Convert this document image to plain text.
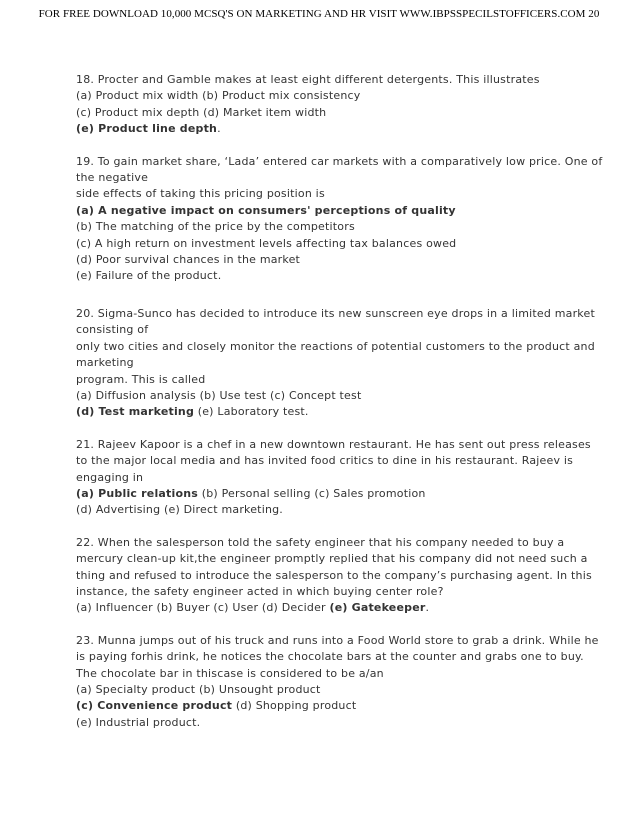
FOR FREE DOWNLOAD 10,000 MCSQ'S ON MARKETING AND HR VISIT WWW.IBPSSPECILSTOFFICERS.COM 20
18. Procter and Gamble makes at least eight different detergents. This illustrates
(a) Product mix width (b) Product mix consistency
(c) Product mix depth (d) Market item width
(e) Product line depth.
19. To gain market share, ‘Lada’ entered car markets with a comparatively low price. One of
the negative
side effects of taking this pricing position is
(a) A negative impact on consumers' perceptions of quality
(b) The matching of the price by the competitors
(c) A high return on investment levels affecting tax balances owed
(d) Poor survival chances in the market
(e) Failure of the product.
20. Sigma-Sunco has decided to introduce its new sunscreen eye drops in a limited market
consisting of
only two cities and closely monitor the reactions of potential customers to the product and
marketing
program. This is called
(a) Diffusion analysis (b) Use test (c) Concept test
(d) Test marketing (e) Laboratory test.
21. Rajeev Kapoor is a chef in a new downtown restaurant. He has sent out press releases
to the major local media and has invited food critics to dine in his restaurant. Rajeev is
engaging in
(a) Public relations (b) Personal selling (c) Sales promotion
(d) Advertising (e) Direct marketing.
22. When the salesperson told the safety engineer that his company needed to buy a
mercury clean-up kit,the engineer promptly replied that his company did not need such a
thing and refused to introduce the salesperson to the company’s purchasing agent. In this
instance, the safety engineer acted in which buying center role?
(a) Influencer (b) Buyer (c) User (d) Decider (e) Gatekeeper.
23. Munna jumps out of his truck and runs into a Food World store to grab a drink. While he
is paying forhis drink, he notices the chocolate bars at the counter and grabs one to buy.
The chocolate bar in thiscase is considered to be a/an
(a) Specialty product (b) Unsought product
(c) Convenience product (d) Shopping product
(e) Industrial product.
